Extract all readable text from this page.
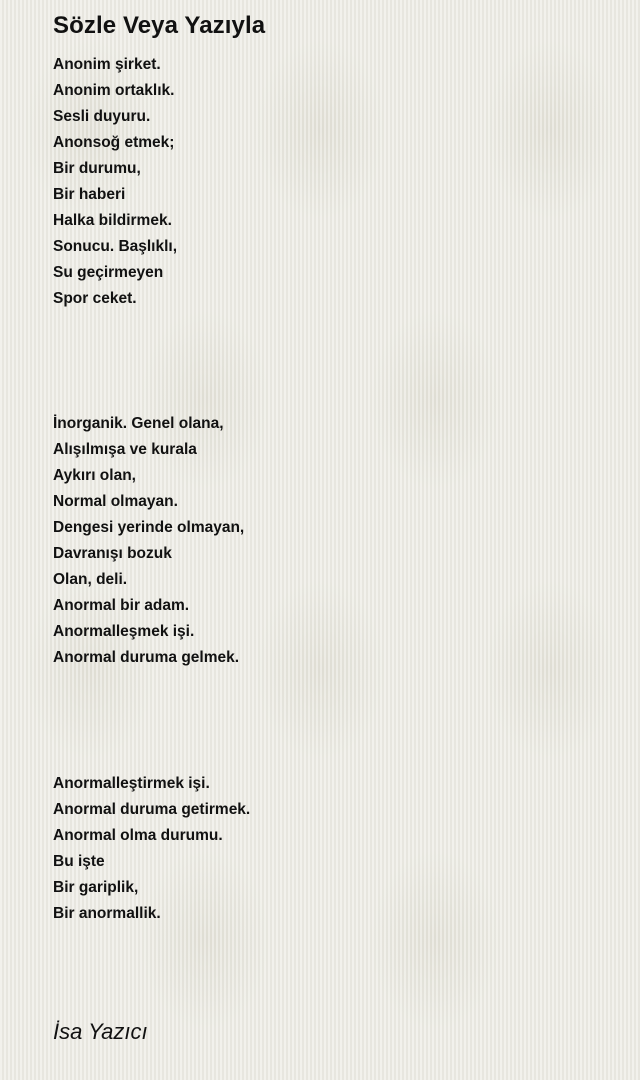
Sözle Veya Yazıyla
Anonim şirket.
Anonim ortaklık.
Sesli duyuru.
Anonsoğ etmek;
Bir durumu,
Bir haberi
Halka bildirmek.
Sonucu. Başlıklı,
Su geçirmeyen
Spor ceket.
İnorganik. Genel olana,
Alışılmışa ve kurala
Aykırı olan,
Normal olmayan.
Dengesi yerinde olmayan,
Davranışı bozuk
Olan, deli.
Anormal bir adam.
Anormalleşmek işi.
Anormal duruma gelmek.
Anormalleştirmek işi.
Anormal duruma getirmek.
Anormal olma durumu.
Bu işte
Bir gariplik,
Bir anormallik.
İsa Yazıcı
